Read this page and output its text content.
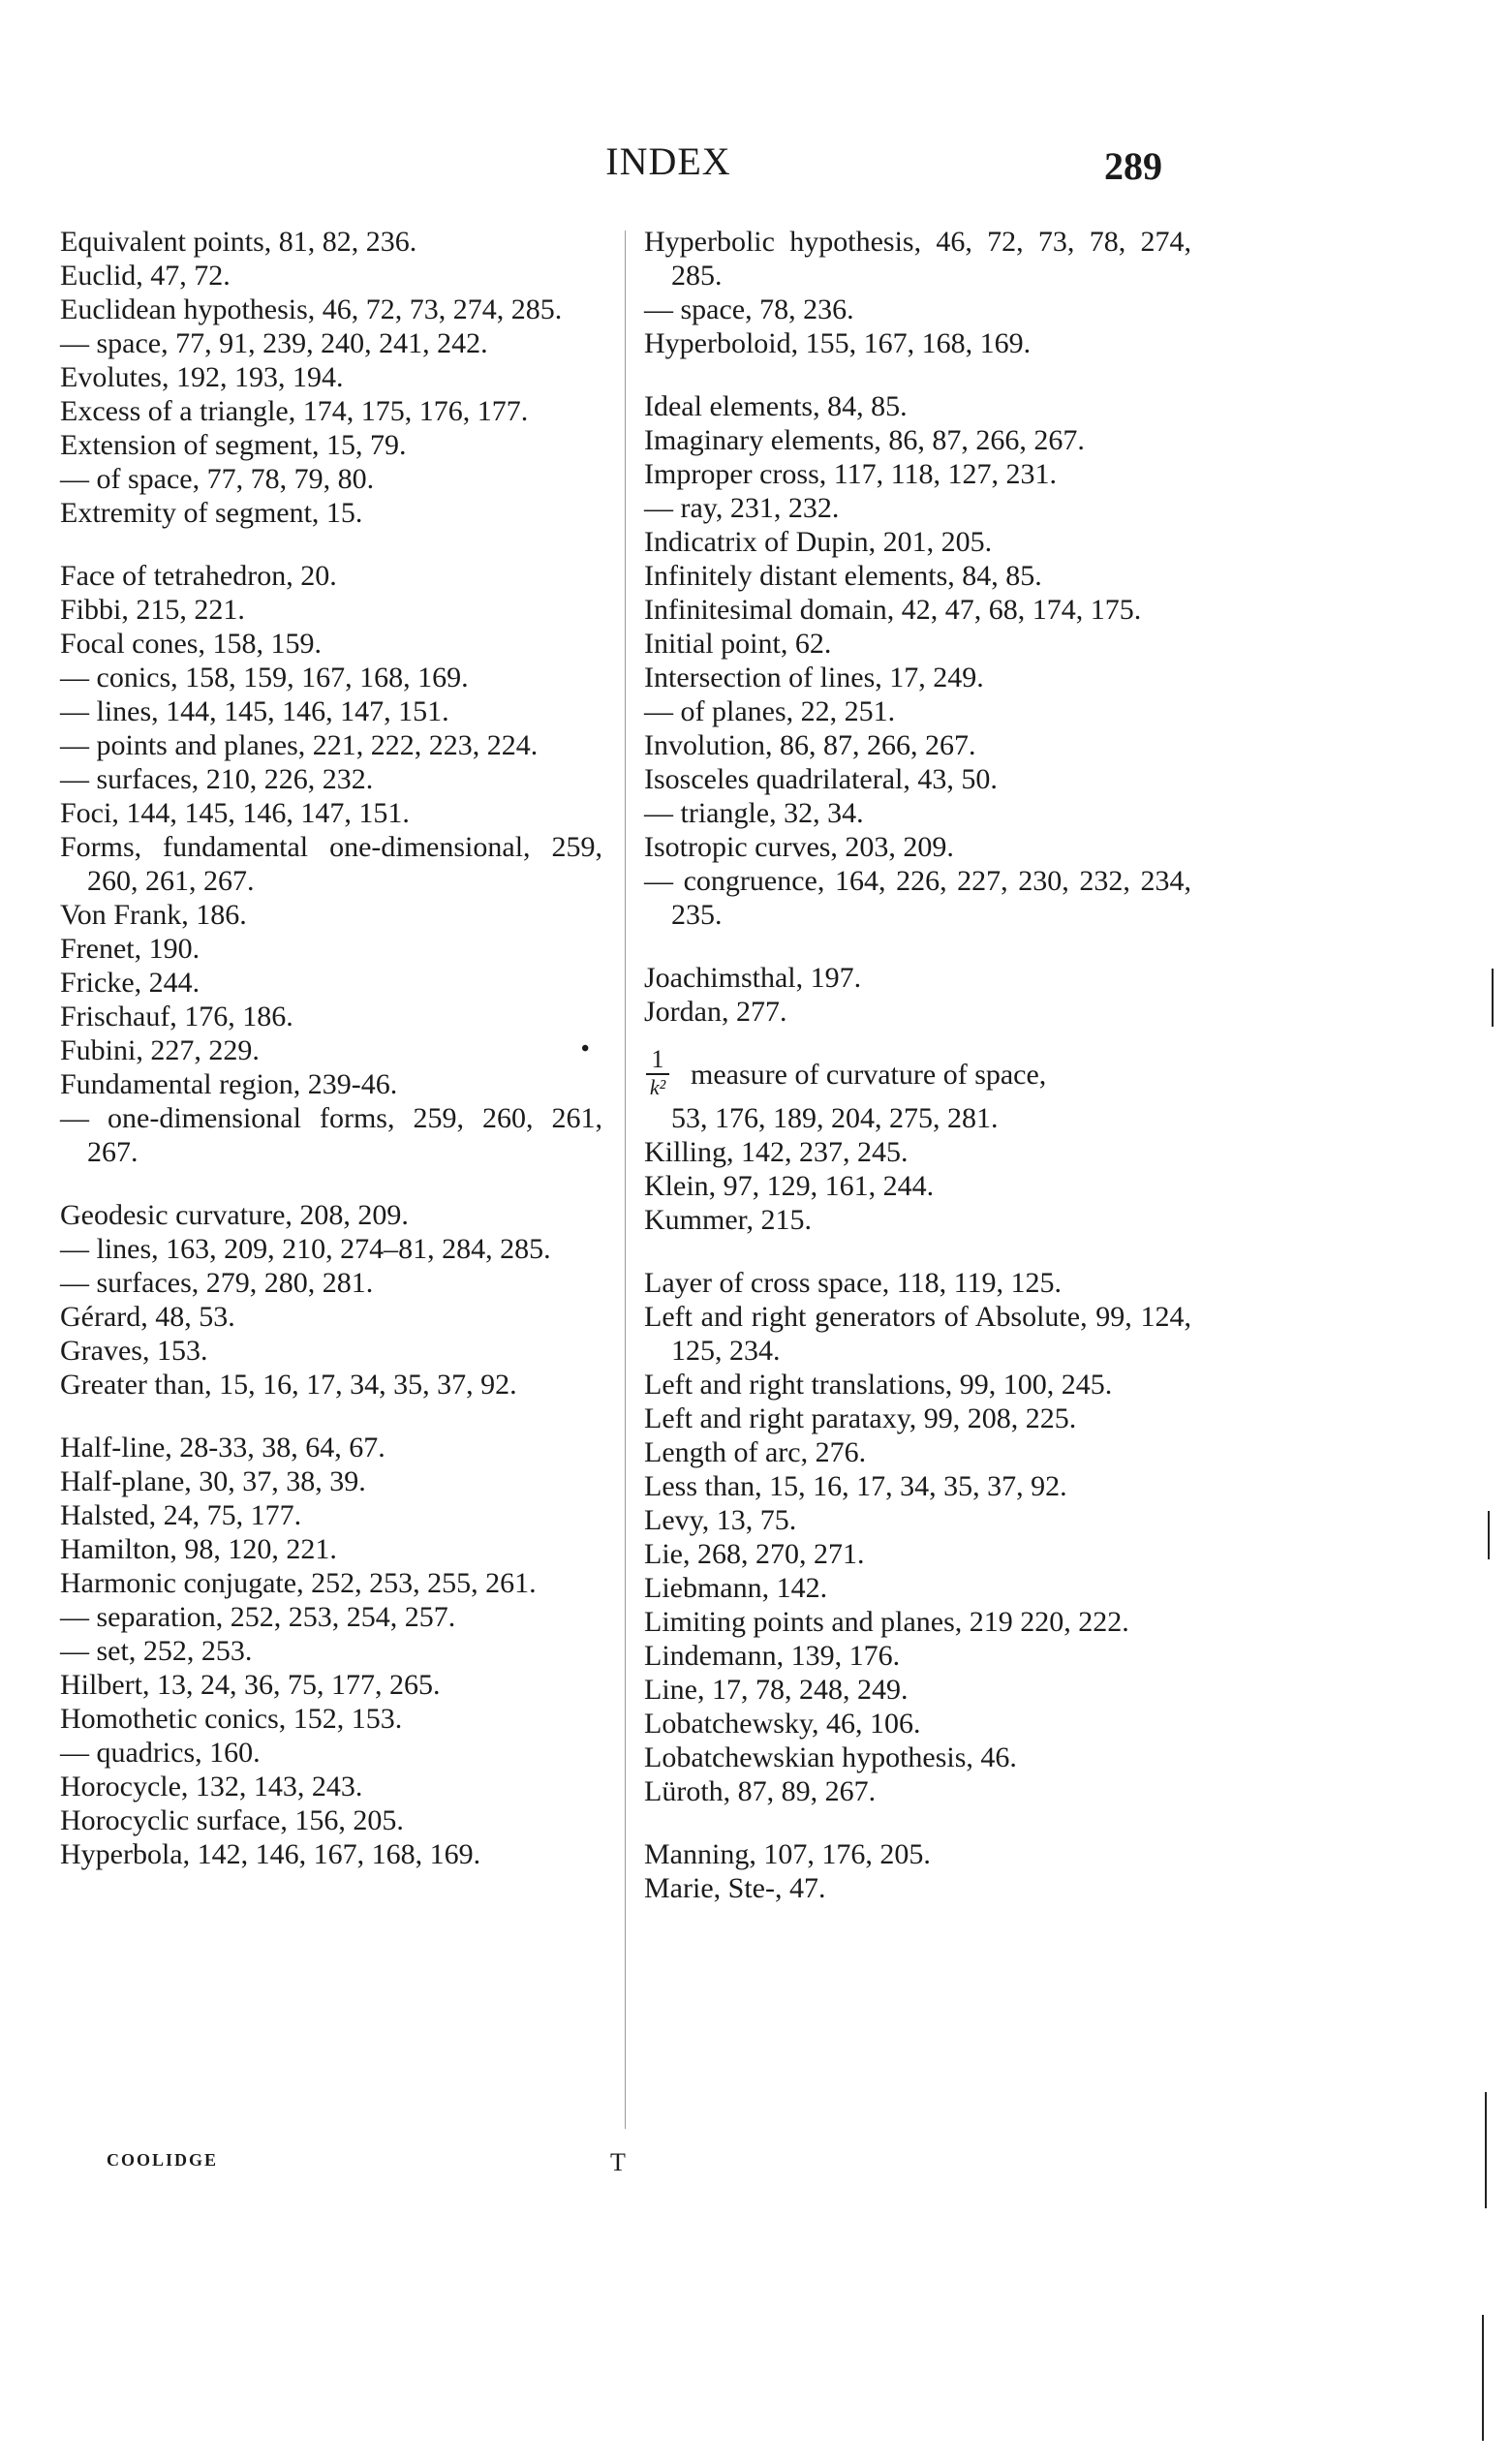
INDEX	289
Equivalent points, 81, 82, 236.
Euclid, 47, 72.
Euclidean hypothesis, 46, 72, 73, 274, 285.
— space, 77, 91, 239, 240, 241, 242.
Evolutes, 192, 193, 194.
Excess of a triangle, 174, 175, 176, 177.
Extension of segment, 15, 79.
— of space, 77, 78, 79, 80.
Extremity of segment, 15.
Face of tetrahedron, 20.
Fibbi, 215, 221.
Focal cones, 158, 159.
— conics, 158, 159, 167, 168, 169.
— lines, 144, 145, 146, 147, 151.
— points and planes, 221, 222, 223, 224.
— surfaces, 210, 226, 232.
Foci, 144, 145, 146, 147, 151.
Forms, fundamental one-dimensional, 259, 260, 261, 267.
Von Frank, 186.
Frenet, 190.
Fricke, 244.
Frischauf, 176, 186.
Fubini, 227, 229.
Fundamental region, 239-46.
— one-dimensional forms, 259, 260, 261, 267.
Geodesic curvature, 208, 209.
— lines, 163, 209, 210, 274–81, 284, 285.
— surfaces, 279, 280, 281.
Gérard, 48, 53.
Graves, 153.
Greater than, 15, 16, 17, 34, 35, 37, 92.
Half-line, 28-33, 38, 64, 67.
Half-plane, 30, 37, 38, 39.
Halsted, 24, 75, 177.
Hamilton, 98, 120, 221.
Harmonic conjugate, 252, 253, 255, 261.
— separation, 252, 253, 254, 257.
— set, 252, 253.
Hilbert, 13, 24, 36, 75, 177, 265.
Homothetic conics, 152, 153.
— quadrics, 160.
Horocycle, 132, 143, 243.
Horocyclic surface, 156, 205.
Hyperbola, 142, 146, 167, 168, 169.
Hyperbolic hypothesis, 46, 72, 73, 78, 274, 285.
— space, 78, 236.
Hyperboloid, 155, 167, 168, 169.
Ideal elements, 84, 85.
Imaginary elements, 86, 87, 266, 267.
Improper cross, 117, 118, 127, 231.
— ray, 231, 232.
Indicatrix of Dupin, 201, 205.
Infinitely distant elements, 84, 85.
Infinitesimal domain, 42, 47, 68, 174, 175.
Initial point, 62.
Intersection of lines, 17, 249.
— of planes, 22, 251.
Involution, 86, 87, 266, 267.
Isosceles quadrilateral, 43, 50.
— triangle, 32, 34.
Isotropic curves, 203, 209.
— congruence, 164, 226, 227, 230, 232, 234, 235.
Joachimsthal, 197.
Jordan, 277.
1
k² measure of curvature of space,
53, 176, 189, 204, 275, 281.
Killing, 142, 237, 245.
Klein, 97, 129, 161, 244.
Kummer, 215.
Layer of cross space, 118, 119, 125.
Left and right generators of Absolute, 99, 124, 125, 234.
Left and right translations, 99, 100, 245.
Left and right parataxy, 99, 208, 225.
Length of arc, 276.
Less than, 15, 16, 17, 34, 35, 37, 92.
Levy, 13, 75.
Lie, 268, 270, 271.
Liebmann, 142.
Limiting points and planes, 219 220, 222.
Lindemann, 139, 176.
Line, 17, 78, 248, 249.
Lobatchewsky, 46, 106.
Lobatchewskian hypothesis, 46.
Lüroth, 87, 89, 267.
Manning, 107, 176, 205.
Marie, Ste-, 47.
•
COOLIDGE	T
